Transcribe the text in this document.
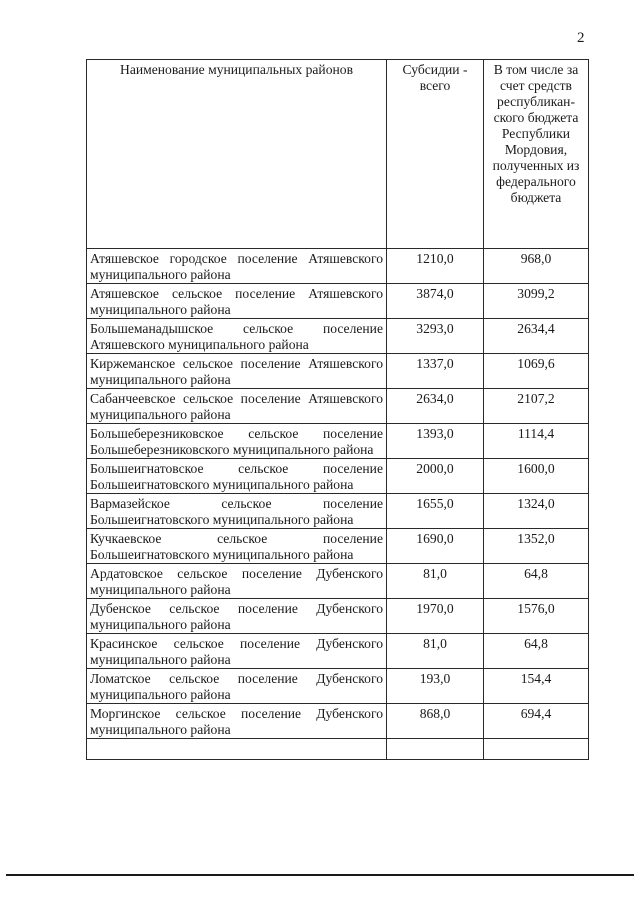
2
Наименование муниципальных районов	Субсидии - всего	В том числе за счет средств республикан-ского бюджета Республики Мордовия, полученных из федерального бюджета
Атяшевское городское поселение Атяшевского муниципального района	1210,0	968,0
Атяшевское сельское поселение Атяшевского муниципального района	3874,0	3099,2
Большеманадышское сельское поселение Атяшевского муниципального района	3293,0	2634,4
Киржеманское сельское поселение Атяшевского муниципального района	1337,0	1069,6
Сабанчеевское сельское поселение Атяшевского муниципального района	2634,0	2107,2
Большеберезниковское сельское поселение Большеберезниковского муниципального района	1393,0	1114,4
Большеигнатовское сельское поселение Большеигнатовского муниципального района	2000,0	1600,0
Вармазейское сельское поселение Большеигнатовского муниципального района	1655,0	1324,0
Кучкаевское сельское поселение Большеигнатовского муниципального района	1690,0	1352,0
Ардатовское сельское поселение Дубенского муниципального района	81,0	64,8
Дубенское сельское поселение Дубенского муниципального района	1970,0	1576,0
Красинское сельское поселение Дубенского муниципального района	81,0	64,8
Ломатское сельское поселение Дубенского муниципального района	193,0	154,4
Моргинское сельское поселение Дубенского муниципального района	868,0	694,4
